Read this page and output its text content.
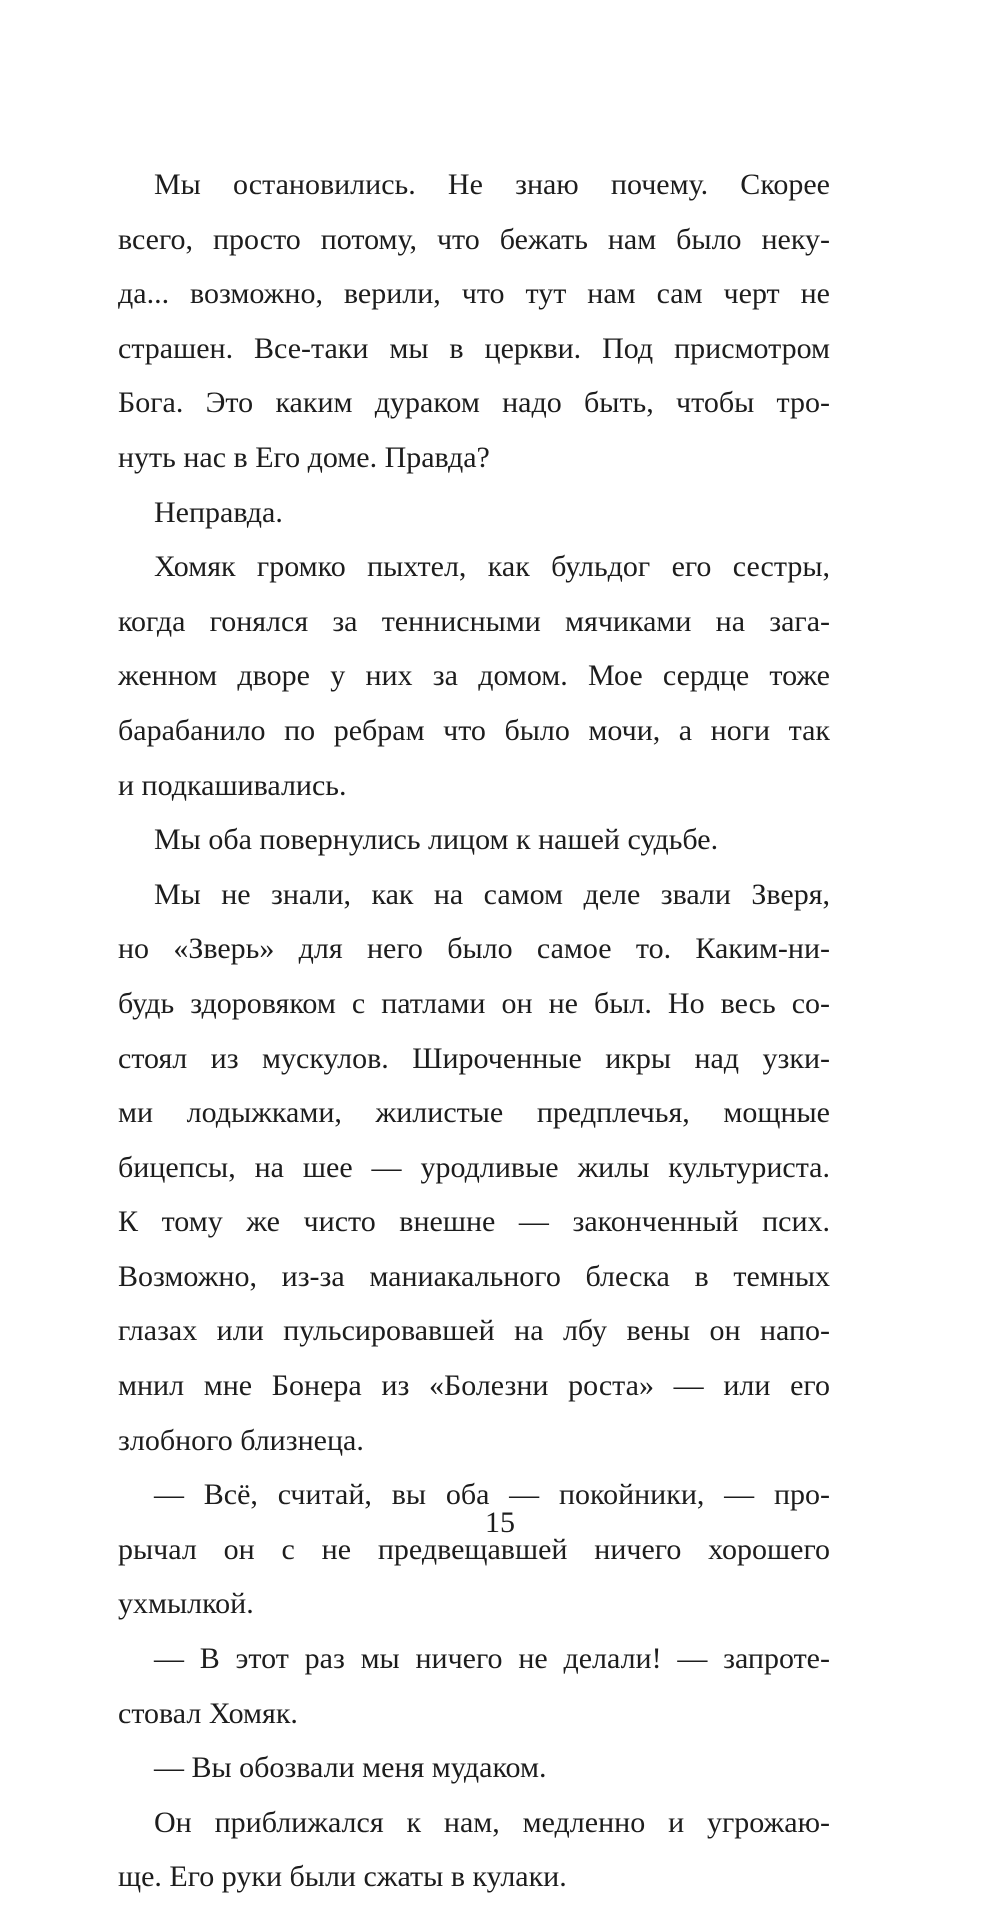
Мы остановились. Не знаю почему. Скорее
всего, просто потому, что бежать нам было неку-
да... возможно, верили, что тут нам сам черт не
страшен. Все-таки мы в церкви. Под присмотром
Бога. Это каким дураком надо быть, чтобы тро-
нуть нас в Его доме. Правда?
Неправда.
Хомяк громко пыхтел, как бульдог его сестры,
когда гонялся за теннисными мячиками на зага-
женном дворе у них за домом. Мое сердце тоже
барабанило по ребрам что было мочи, а ноги так
и подкашивались.
Мы оба повернулись лицом к нашей судьбе.
Мы не знали, как на самом деле звали Зверя,
но «Зверь» для него было самое то. Каким-ни-
будь здоровяком с патлами он не был. Но весь со-
стоял из мускулов. Широченные икры над узки-
ми лодыжками, жилистые предплечья, мощные
бицепсы, на шее — уродливые жилы культуриста.
К тому же чисто внешне — законченный псих.
Возможно, из-за маниакального блеска в темных
глазах или пульсировавшей на лбу вены он напо-
мнил мне Бонера из «Болезни роста» — или его
злобного близнеца.
— Всё, считай, вы оба — покойники, — про-
рычал он с не предвещавшей ничего хорошего
ухмылкой.
— В этот раз мы ничего не делали! — запроте-
стовал Хомяк.
— Вы обозвали меня мудаком.
Он приближался к нам, медленно и угрожаю-
ще. Его руки были сжаты в кулаки.
15
